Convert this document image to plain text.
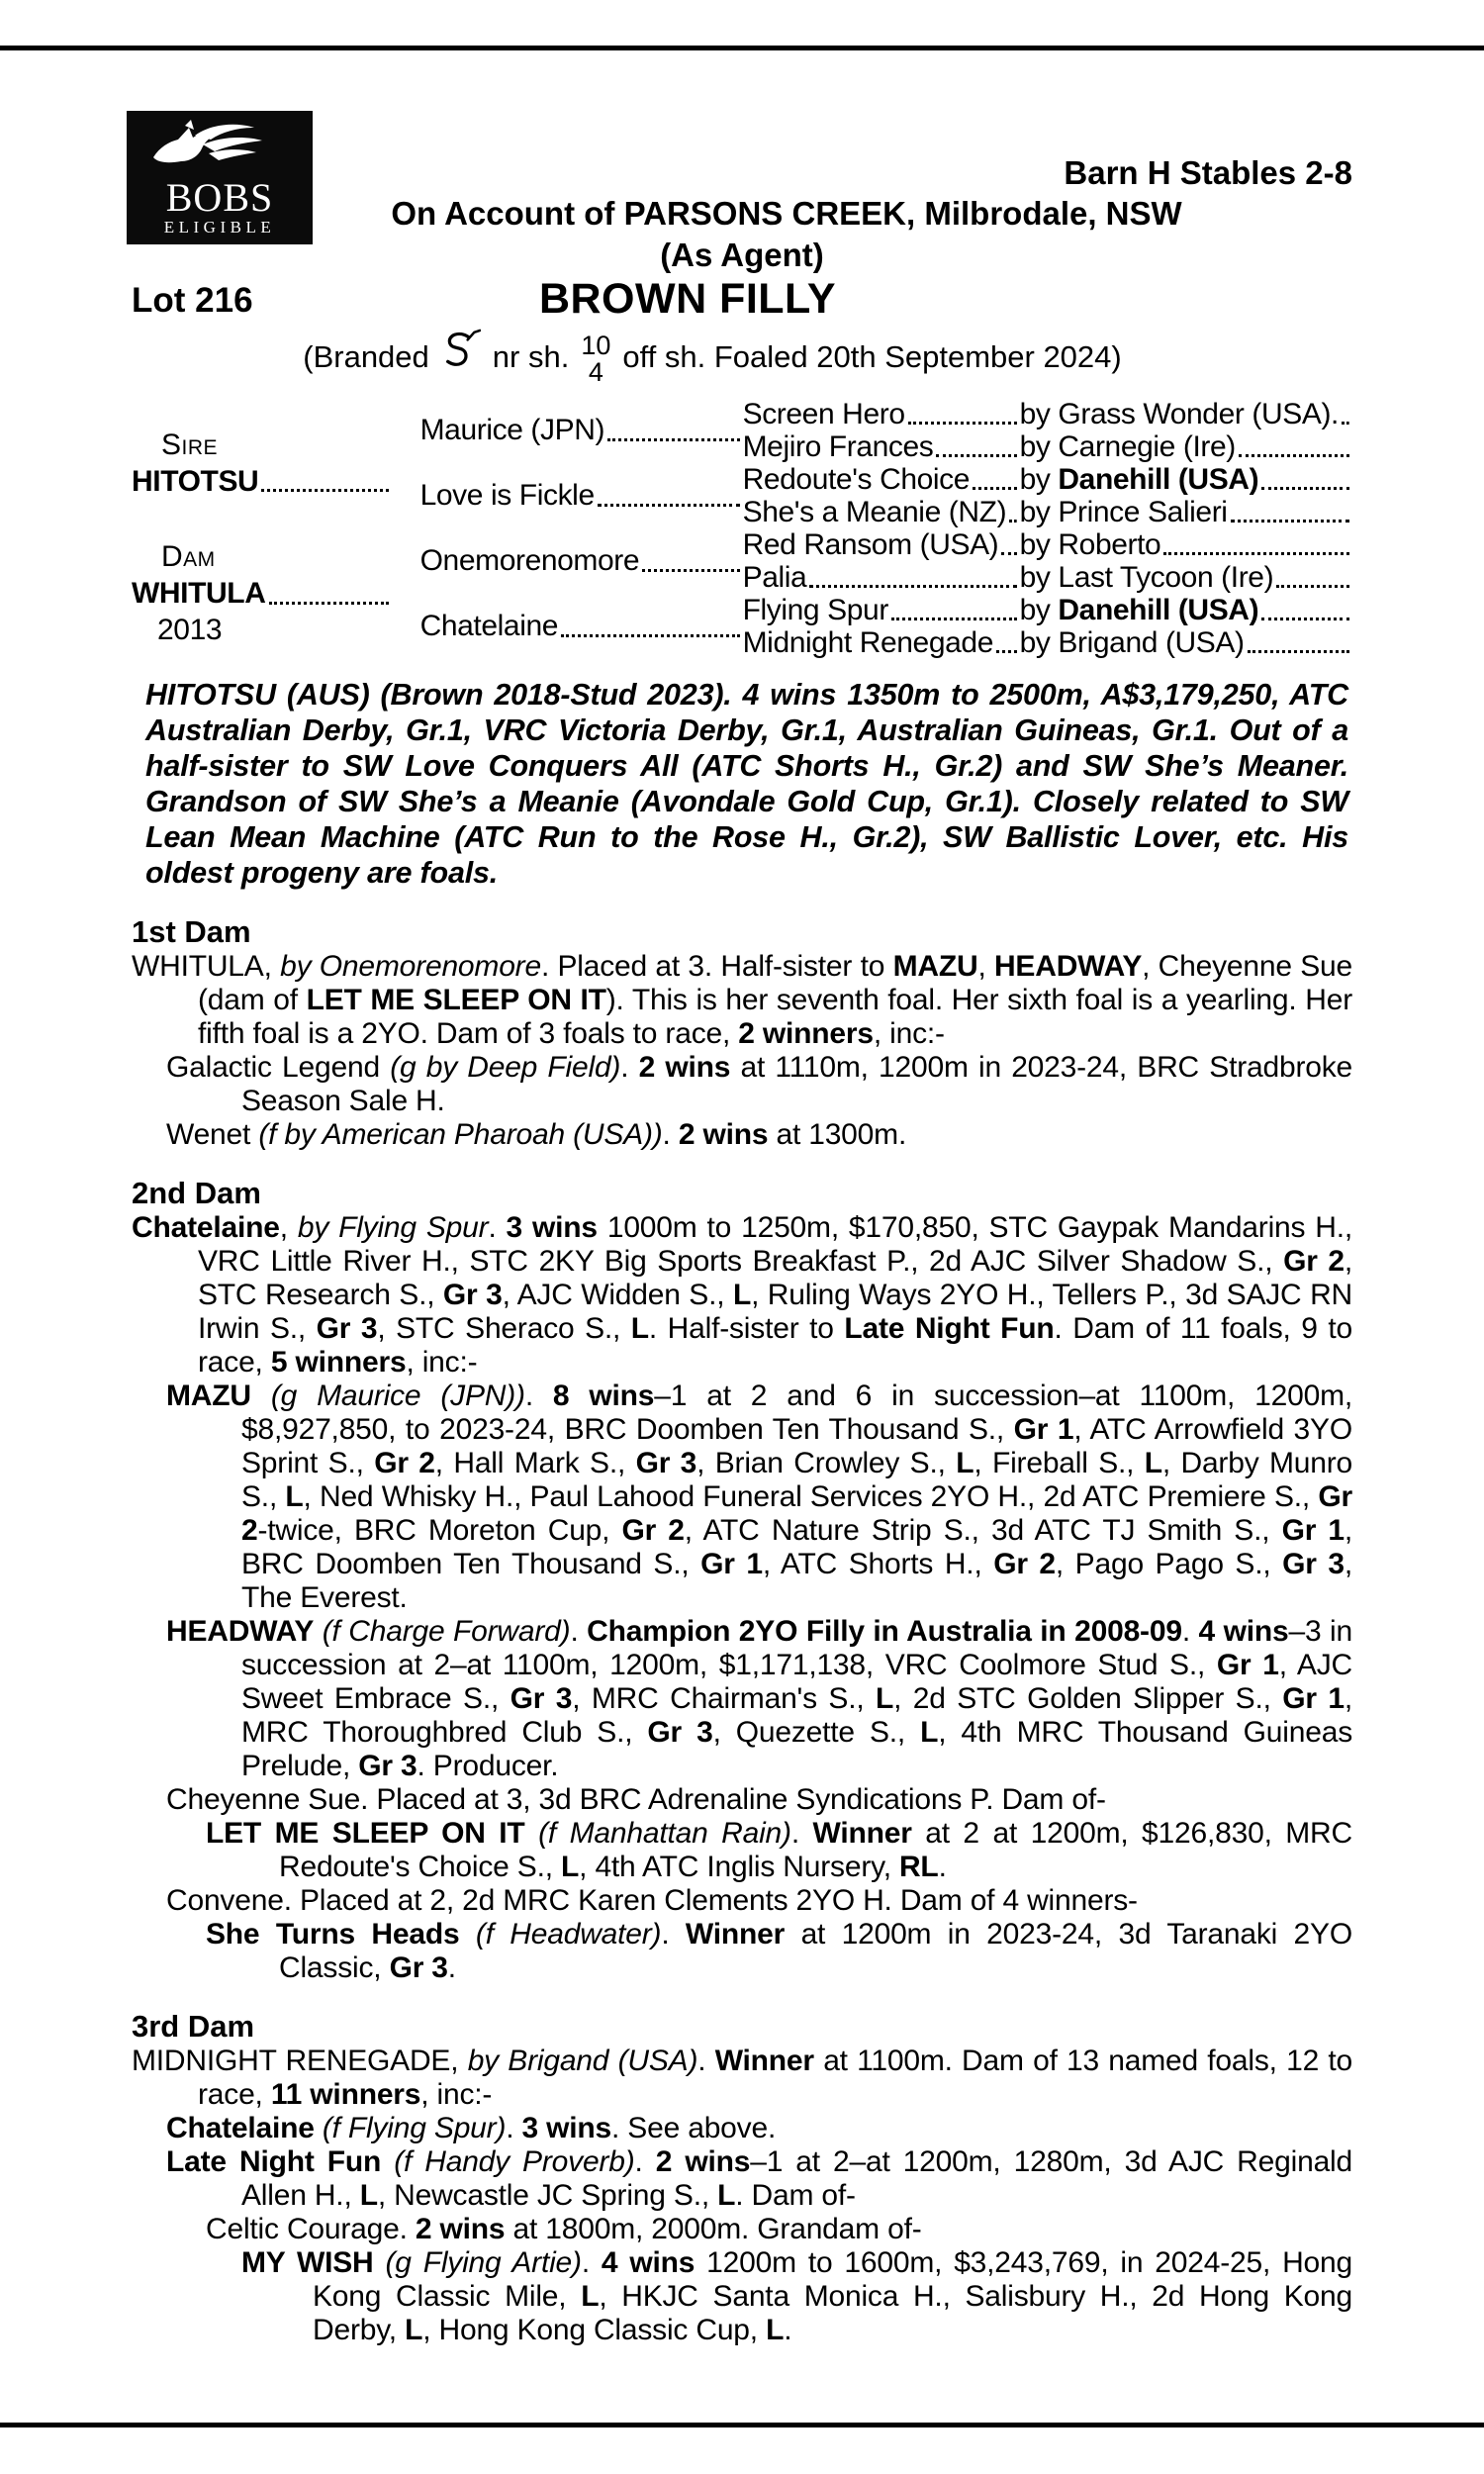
BOBS
ELIGIBLE
Barn H Stables 2-8
On Account of PARSONS CREEK, Milbrodale, NSW
(As Agent)
Lot 216	BROWN FILLY
(Branded nr sh. 10
4 off sh. Foaled 20th September 2024)
Sire
HITOTSU
Dam
WHITULA
2013
Maurice (JPN)	Screen Hero	by Grass Wonder (USA).
Mejiro Frances	by Carnegie (Ire)
Love is Fickle	Redoute's Choice by Danehill (USA)
She's a Meanie (NZ) by Prince Salieri
Onemorenomore	Red Ransom (USA) by Roberto
Palia	by Last Tycoon (Ire)
Chatelaine	Flying Spur	by Danehill (USA)
Midnight Renegade by Brigand (USA)
HITOTSU (AUS) (Brown 2018-Stud 2023). 4 wins 1350m to 2500m, A$3,179,250, ATC Australian Derby, Gr.1, VRC Victoria Derby, Gr.1, Australian Guineas, Gr.1. Out of a half-sister to SW Love Conquers All (ATC Shorts H., Gr.2) and SW She’s Meaner. Grandson of SW She’s a Meanie (Avondale Gold Cup, Gr.1). Closely related to SW Lean Mean Machine (ATC Run to the Rose H., Gr.2), SW Ballistic Lover, etc. His oldest progeny are foals.
1st Dam
WHITULA, by Onemorenomore. Placed at 3. Half-sister to MAZU, HEADWAY, Cheyenne Sue (dam of LET ME SLEEP ON IT). This is her seventh foal. Her sixth foal is a yearling. Her fifth foal is a 2YO. Dam of 3 foals to race, 2 winners, inc:-
Galactic Legend (g by Deep Field). 2 wins at 1110m, 1200m in 2023-24, BRC Stradbroke Season Sale H.
Wenet (f by American Pharoah (USA)). 2 wins at 1300m.
2nd Dam
Chatelaine, by Flying Spur. 3 wins 1000m to 1250m, $170,850, STC Gaypak Mandarins H., VRC Little River H., STC 2KY Big Sports Breakfast P., 2d AJC Silver Shadow S., Gr 2, STC Research S., Gr 3, AJC Widden S., L, Ruling Ways 2YO H., Tellers P., 3d SAJC RN Irwin S., Gr 3, STC Sheraco S., L. Half-sister to Late Night Fun. Dam of 11 foals, 9 to race, 5 winners, inc:-
MAZU (g Maurice (JPN)). 8 wins–1 at 2 and 6 in succession–at 1100m, 1200m, $8,927,850, to 2023-24, BRC Doomben Ten Thousand S., Gr 1, ATC Arrowfield 3YO Sprint S., Gr 2, Hall Mark S., Gr 3, Brian Crowley S., L, Fireball S., L, Darby Munro S., L, Ned Whisky H., Paul Lahood Funeral Services 2YO H., 2d ATC Premiere S., Gr 2-twice, BRC Moreton Cup, Gr 2, ATC Nature Strip S., 3d ATC TJ Smith S., Gr 1, BRC Doomben Ten Thousand S., Gr 1, ATC Shorts H., Gr 2, Pago Pago S., Gr 3, The Everest.
HEADWAY (f Charge Forward). Champion 2YO Filly in Australia in 2008-09. 4 wins–3 in succession at 2–at 1100m, 1200m, $1,171,138, VRC Coolmore Stud S., Gr 1, AJC Sweet Embrace S., Gr 3, MRC Chairman's S., L, 2d STC Golden Slipper S., Gr 1, MRC Thoroughbred Club S., Gr 3, Quezette S., L, 4th MRC Thousand Guineas Prelude, Gr 3. Producer.
Cheyenne Sue. Placed at 3, 3d BRC Adrenaline Syndications P. Dam of-
LET ME SLEEP ON IT (f Manhattan Rain). Winner at 2 at 1200m, $126,830, MRC Redoute's Choice S., L, 4th ATC Inglis Nursery, RL.
Convene. Placed at 2, 2d MRC Karen Clements 2YO H. Dam of 4 winners-
She Turns Heads (f Headwater). Winner at 1200m in 2023-24, 3d Taranaki 2YO Classic, Gr 3.
3rd Dam
MIDNIGHT RENEGADE, by Brigand (USA). Winner at 1100m. Dam of 13 named foals, 12 to race, 11 winners, inc:-
Chatelaine (f Flying Spur). 3 wins. See above.
Late Night Fun (f Handy Proverb). 2 wins–1 at 2–at 1200m, 1280m, 3d AJC Reginald Allen H., L, Newcastle JC Spring S., L. Dam of-
Celtic Courage. 2 wins at 1800m, 2000m. Grandam of-
MY WISH (g Flying Artie). 4 wins 1200m to 1600m, $3,243,769, in 2024-25, Hong Kong Classic Mile, L, HKJC Santa Monica H., Salisbury H., 2d Hong Kong Derby, L, Hong Kong Classic Cup, L.
